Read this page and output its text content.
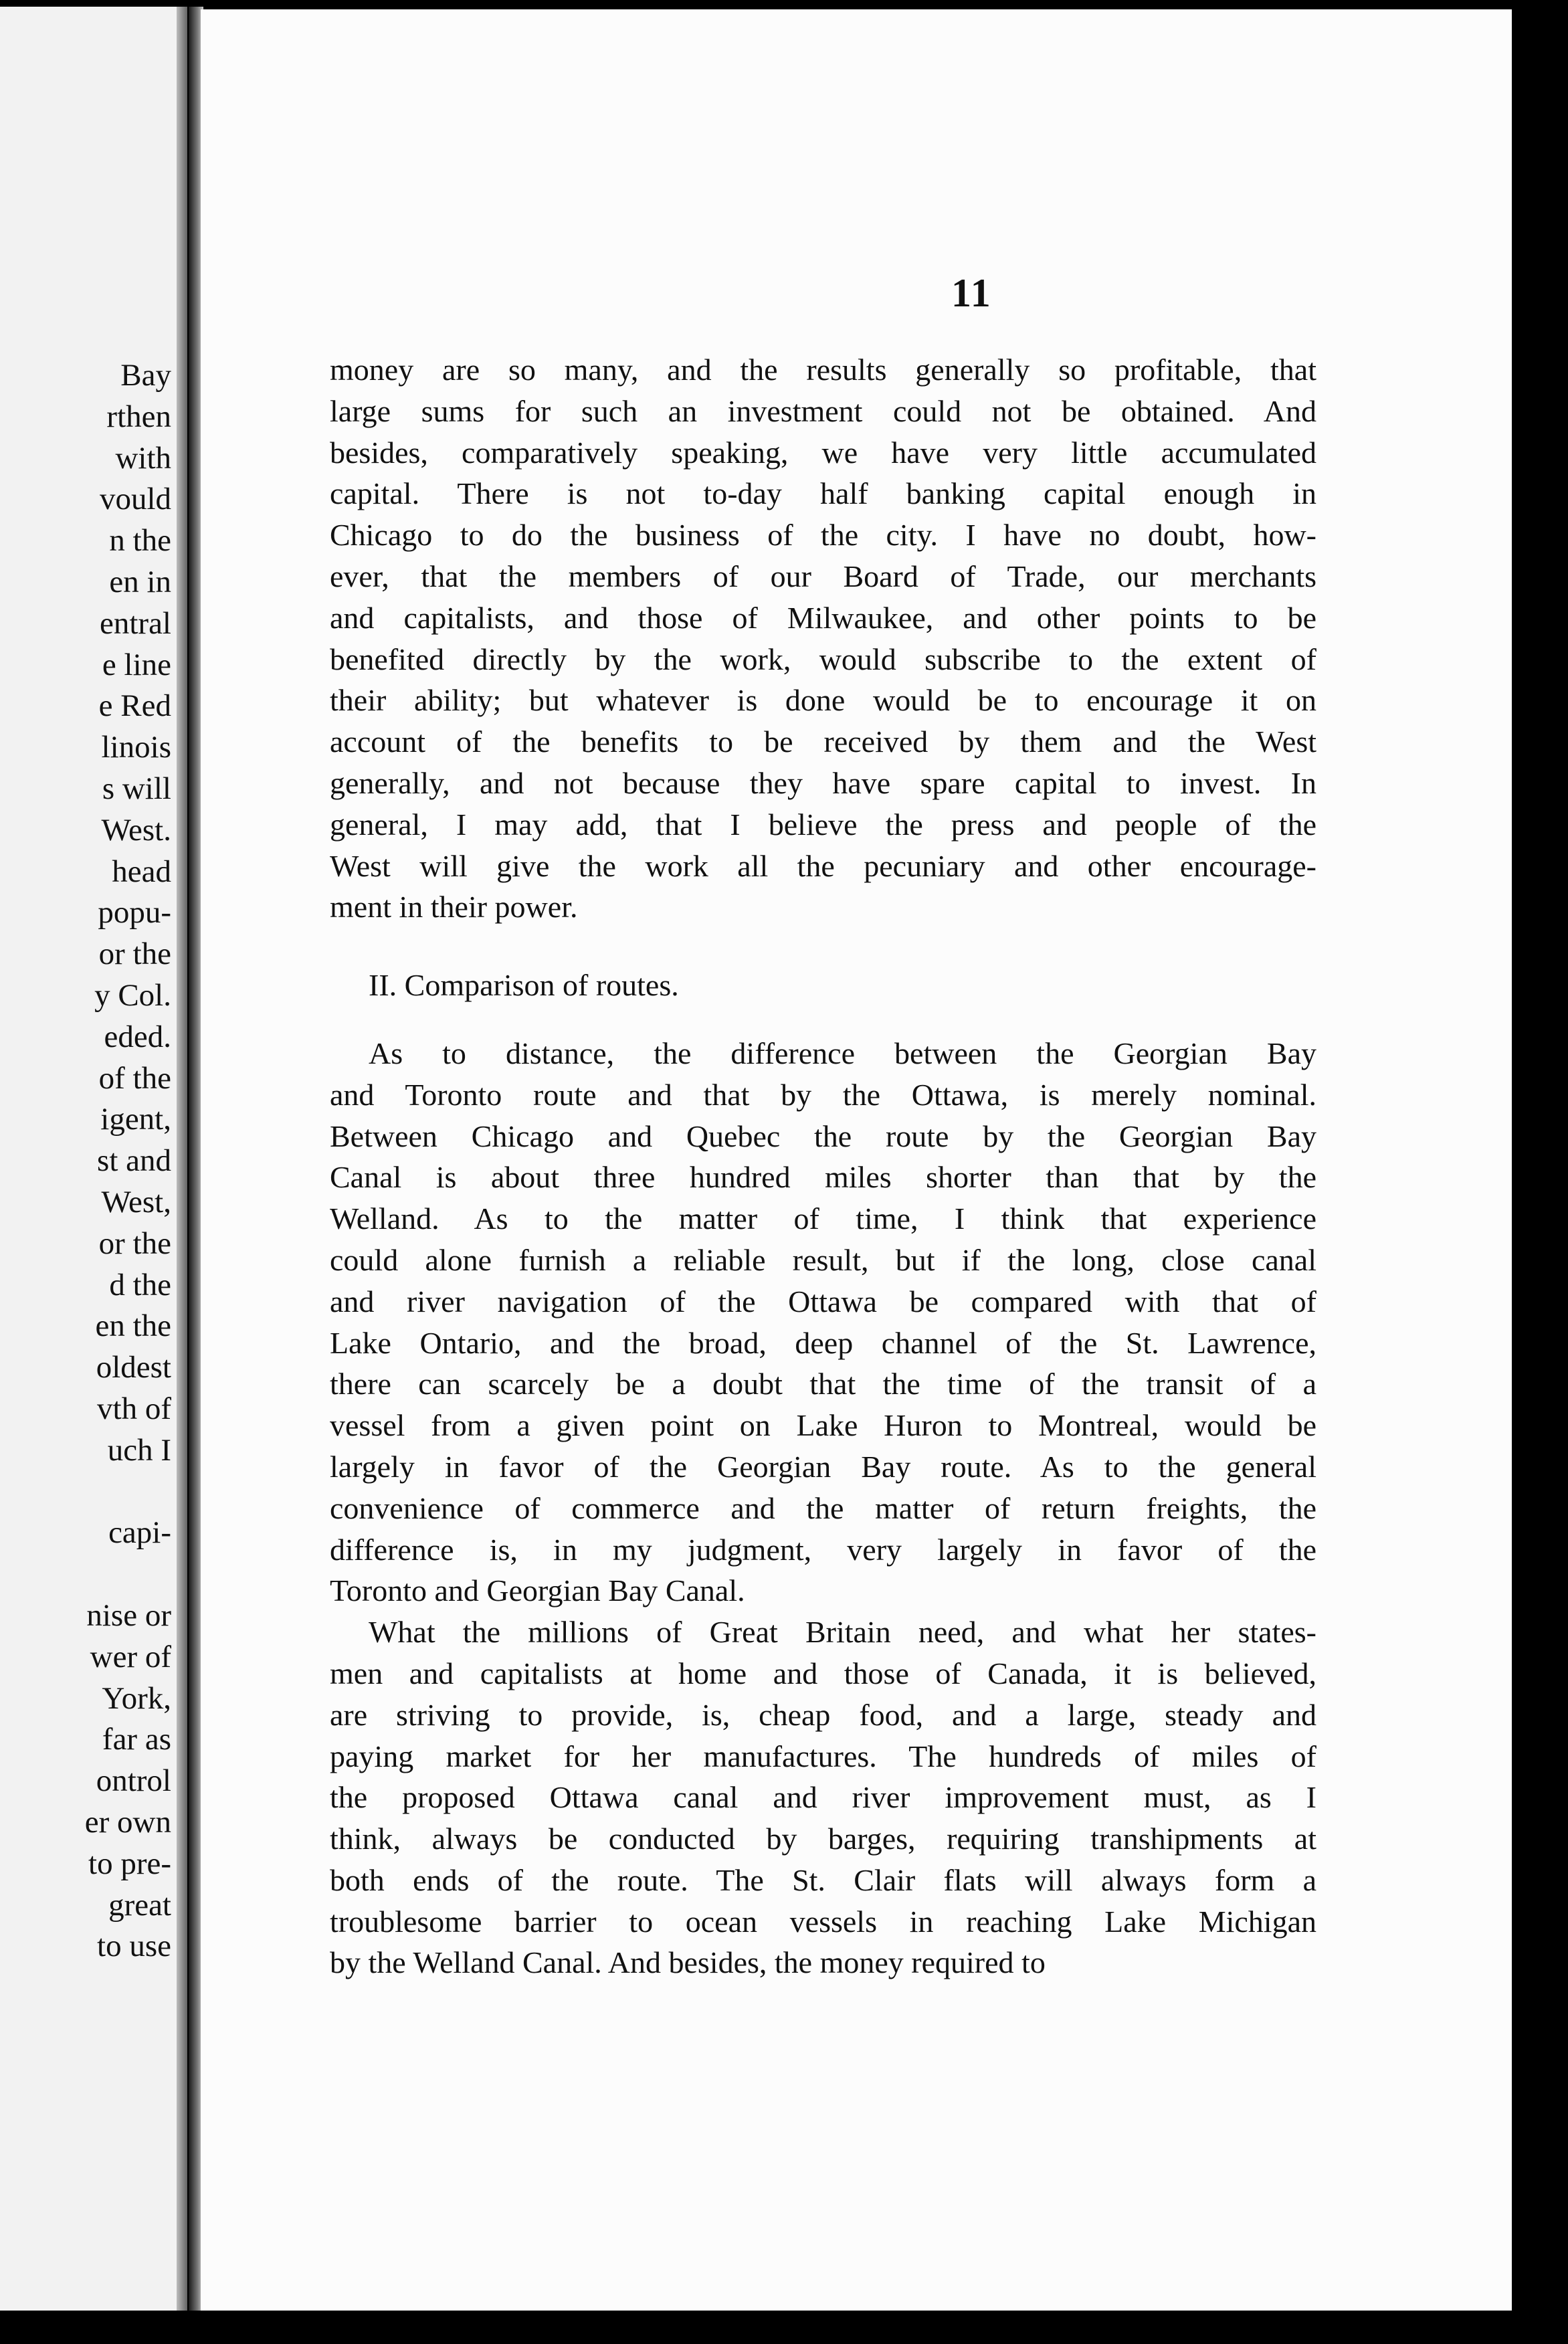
Bay
rthen
with
vould
n the
en in
entral
e line
e Red
linois
s will
West.
head
popu-
or the
y Col.
eded.
of the
igent,
st and
West,
or the
d the
en the
oldest
vth of
uch I
capi-
nise or
wer of
York,
far as
ontrol
er own
to pre-
great
to use
11
money are so many, and the results generally so profitable, that
large sums for such an investment could not be obtained. And
besides, comparatively speaking, we have very little accumulated
capital. There is not to-day half banking capital enough in
Chicago to do the business of the city. I have no doubt, how-
ever, that the members of our Board of Trade, our merchants
and capitalists, and those of Milwaukee, and other points to be
benefited directly by the work, would subscribe to the extent of
their ability; but whatever is done would be to encourage it on
account of the benefits to be received by them and the West
generally, and not because they have spare capital to invest. In
general, I may add, that I believe the press and people of the
West will give the work all the pecuniary and other encourage-
ment in their power.
II. Comparison of routes.
As to distance, the difference between the Georgian Bay
and Toronto route and that by the Ottawa, is merely nominal.
Between Chicago and Quebec the route by the Georgian Bay
Canal is about three hundred miles shorter than that by the
Welland. As to the matter of time, I think that experience
could alone furnish a reliable result, but if the long, close canal
and river navigation of the Ottawa be compared with that of
Lake Ontario, and the broad, deep channel of the St. Lawrence,
there can scarcely be a doubt that the time of the transit of a
vessel from a given point on Lake Huron to Montreal, would be
largely in favor of the Georgian Bay route. As to the general
convenience of commerce and the matter of return freights, the
difference is, in my judgment, very largely in favor of the
Toronto and Georgian Bay Canal.
What the millions of Great Britain need, and what her states-
men and capitalists at home and those of Canada, it is believed,
are striving to provide, is, cheap food, and a large, steady and
paying market for her manufactures. The hundreds of miles of
the proposed Ottawa canal and river improvement must, as I
think, always be conducted by barges, requiring transhipments at
both ends of the route. The St. Clair flats will always form a
troublesome barrier to ocean vessels in reaching Lake Michigan
by the Welland Canal. And besides, the money required to
